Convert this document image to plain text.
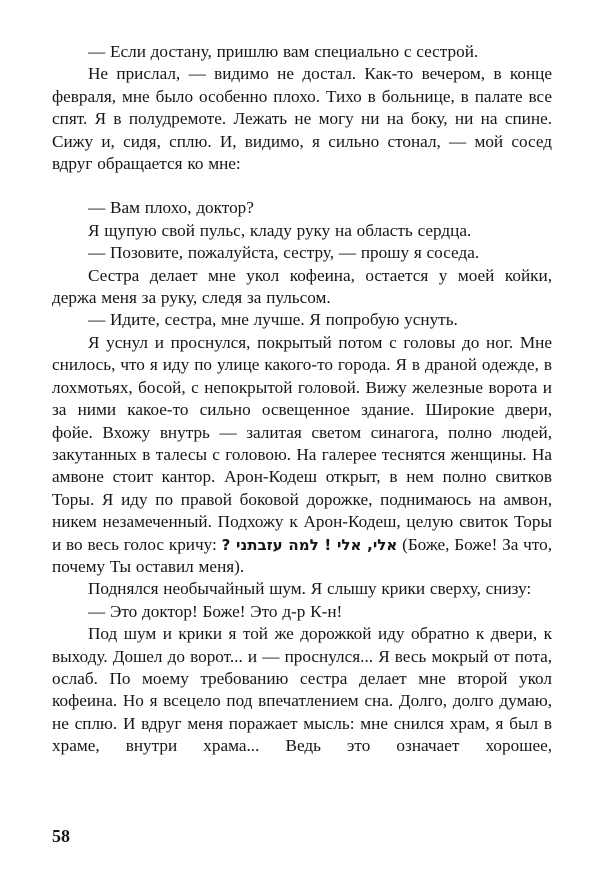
— Если достану, пришлю вам специально с сестрой.

Не прислал, — видимо не достал. Как-то вечером, в конце февраля, мне было особенно плохо. Тихо в больнице, в палате все спят. Я в полудремоте. Лежать не могу ни на боку, ни на спине. Сижу и, сидя, сплю. И, видимо, я сильно стонал, — мой сосед вдруг обращается ко мне:

— Вам плохо, доктор?

Я щупую свой пульс, кладу руку на область сердца.

— Позовите, пожалуйста, сестру, — прошу я соседа.

Сестра делает мне укол кофеина, остается у моей койки, держа меня за руку, следя за пульсом.

— Идите, сестра, мне лучше. Я попробую уснуть.

Я уснул и проснулся, покрытый потом с головы до ног. Мне снилось, что я иду по улице какого-то города. Я в драной одежде, в лохмотьях, босой, с непокрытой головой. Вижу железные ворота и за ними какое-то сильно освещенное здание. Широкие двери, фойе. Вхожу внутрь — залитая светом синагога, полно людей, закутанных в талесы с головою. На галерее теснятся женщины. На амвоне стоит кантор. Арон-Кодеш открыт, в нем полно свитков Торы. Я иду по правой боковой дорожке, поднимаюсь на амвон, никем незамеченный. Подхожу к Арон-Кодеш, целую свиток Торы и во весь голос кричу: אלי, אלי ! למה עזבתני ? (Боже, Боже! За что, почему Ты оставил меня).

Поднялся необычайный шум. Я слышу крики сверху, снизу:

— Это доктор! Боже! Это д-р К-н!

Под шум и крики я той же дорожкой иду обратно к двери, к выходу. Дошел до ворот... и — проснулся... Я весь мокрый от пота, ослаб. По моему требованию сестра делает мне второй укол кофеина. Но я всецело под впечатлением сна. Долго, долго думаю, не сплю. И вдруг меня поражает мысль: мне снился храм, я был в храме, внутри храма... Ведь это означает хорошее,

58
